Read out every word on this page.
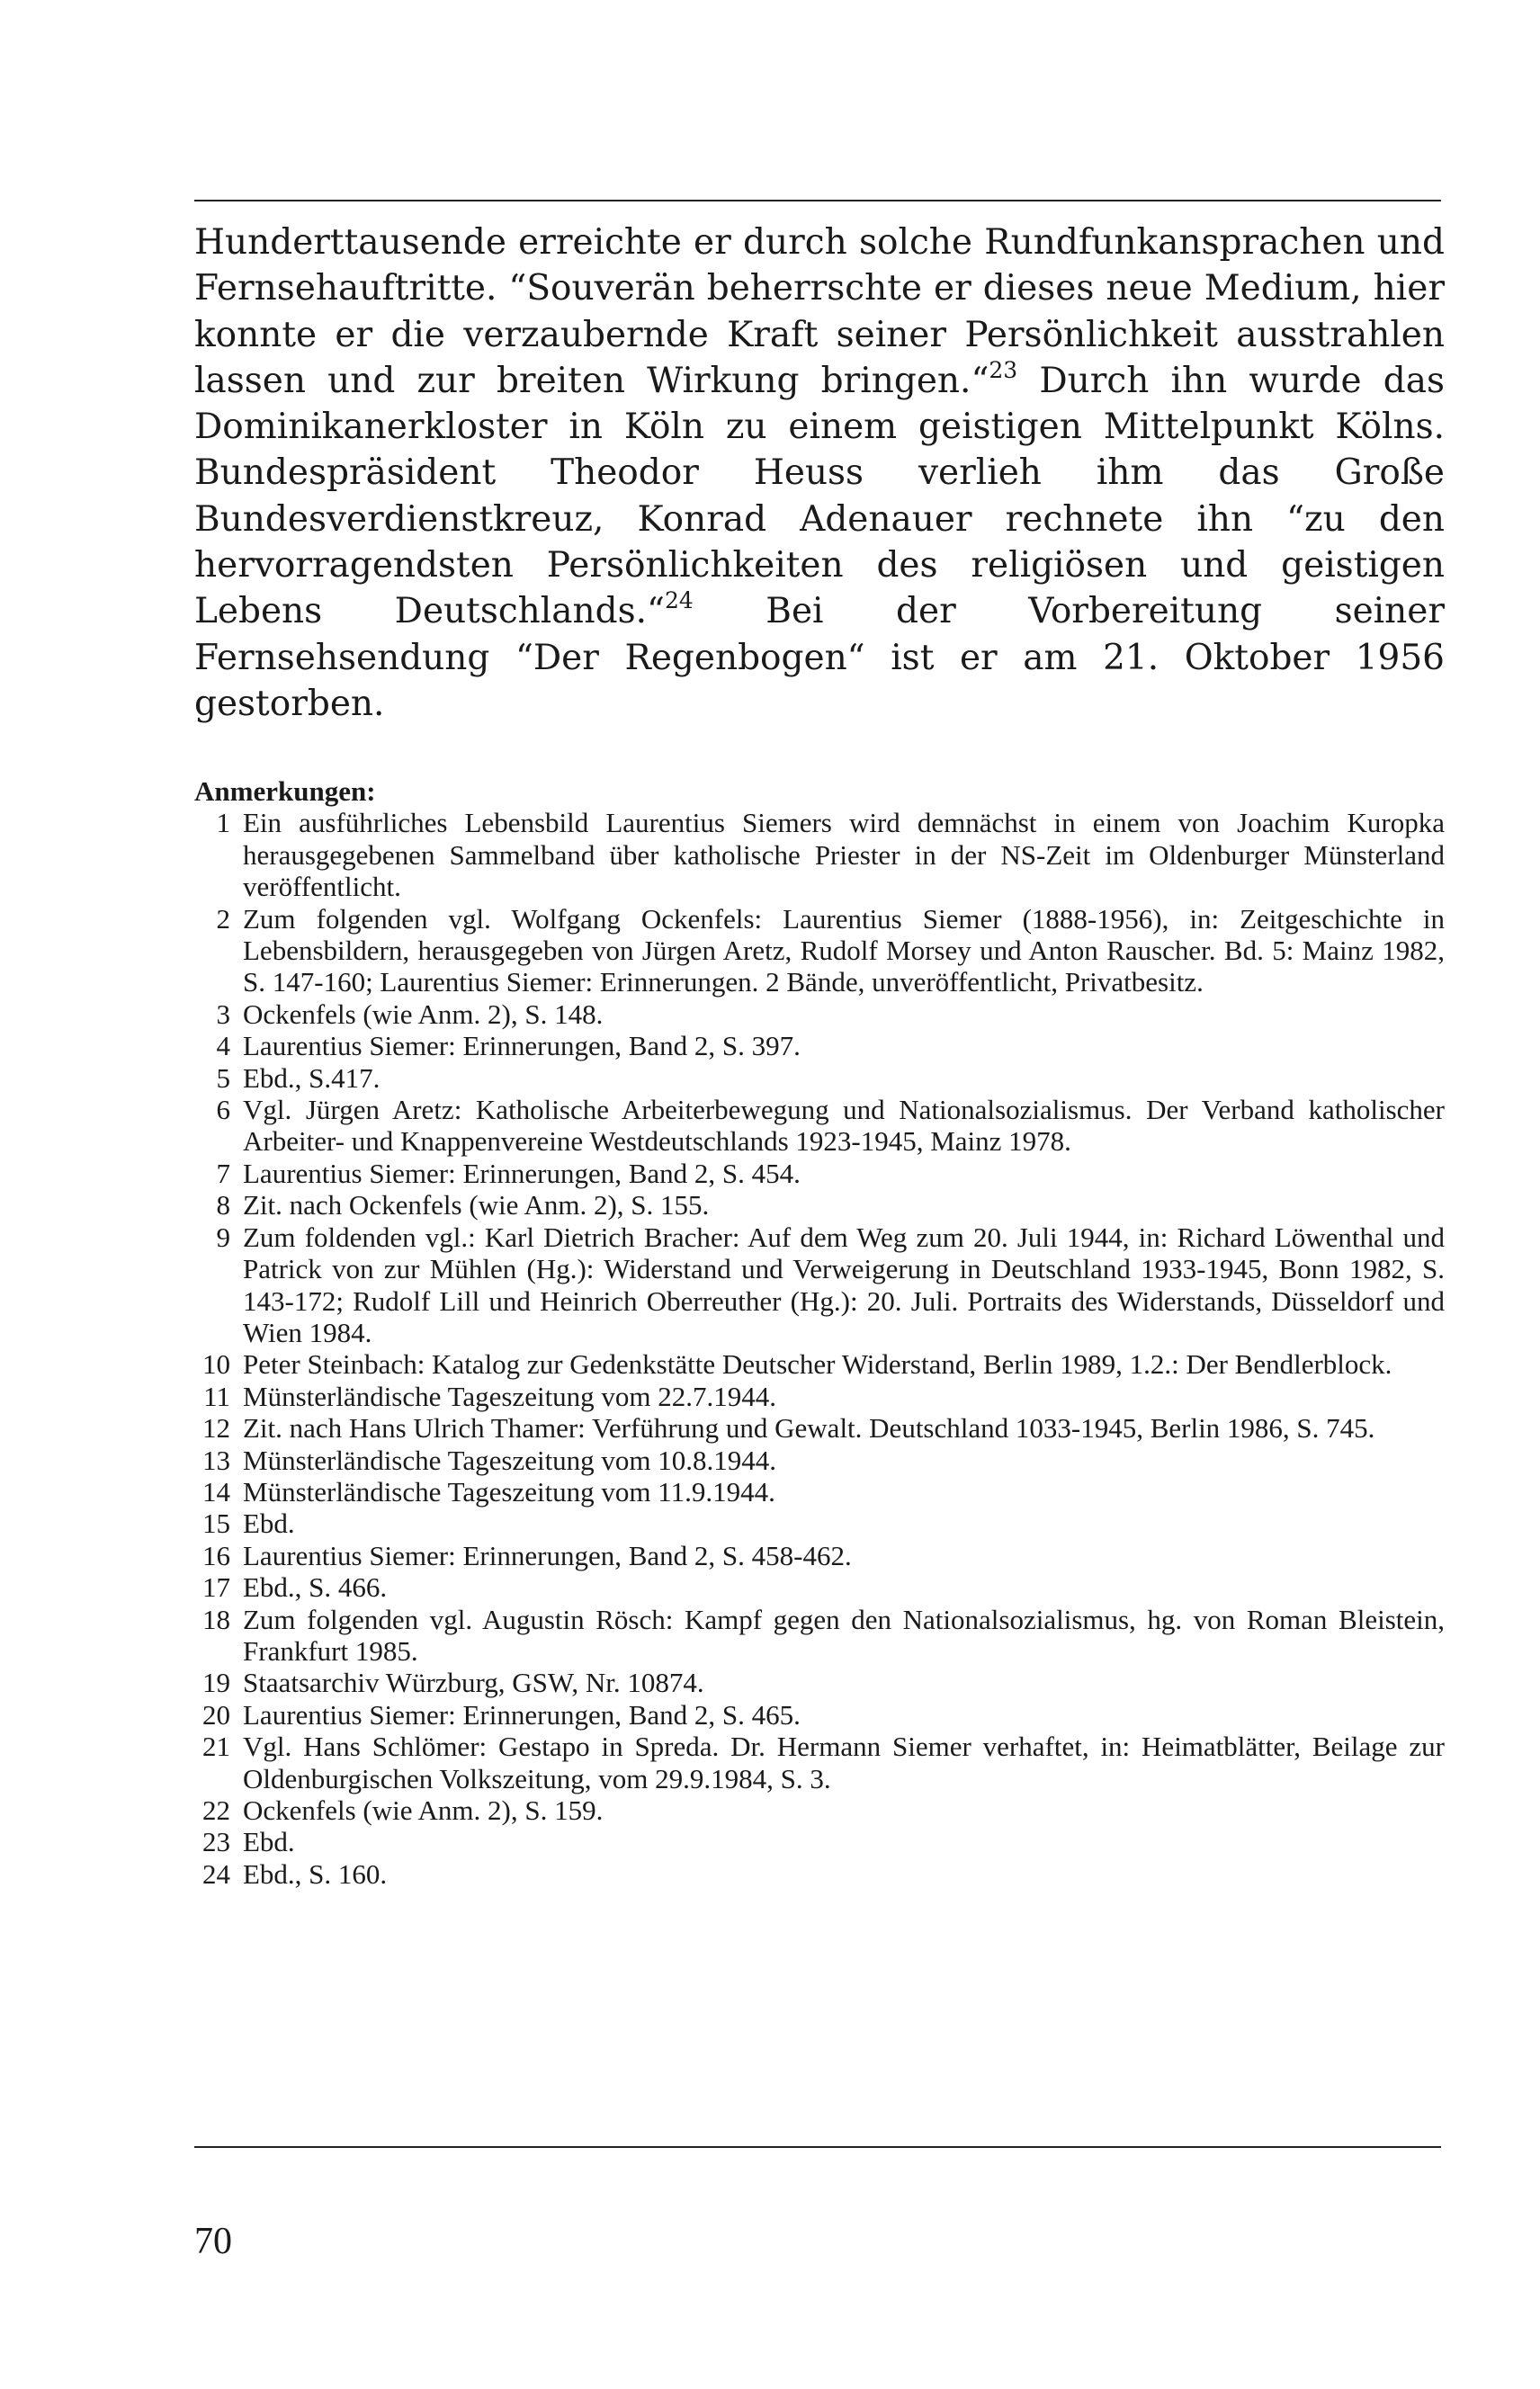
Hunderttausende erreichte er durch solche Rundfunkansprachen und Fernsehauftritte. “Souverän beherrschte er dieses neue Medium, hier konnte er die verzaubernde Kraft seiner Persönlichkeit ausstrahlen lassen und zur breiten Wirkung bringen.“$^{23}$ Durch ihn wurde das Dominikanerkloster in Köln zu einem geistigen Mittelpunkt Kölns. Bundespräsident Theodor Heuss verlieh ihm das Große Bundesverdienstkreuz, Konrad Adenauer rechnete ihn “zu den hervorragendsten Persönlichkeiten des religiösen und geistigen Lebens Deutschlands.“$^{24}$ Bei der Vorbereitung seiner Fernsehsendung “Der Regenbogen“ ist er am 21. Oktober 1956 gestorben.

Anmerkungen:

1 Ein ausführliches Lebensbild Laurentius Siemers wird demnächst in einem von Joachim Kuropka herausgegebenen Sammelband über katholische Priester in der NS-Zeit im Oldenburger Münsterland veröffentlicht.
2 Zum folgenden vgl. Wolfgang Ockenfels: Laurentius Siemer (1888-1956), in: Zeitgeschichte in Lebensbildern, herausgegeben von Jürgen Aretz, Rudolf Morsey und Anton Rauscher. Bd. 5: Mainz 1982, S. 147-160; Laurentius Siemer: Erinnerungen. 2 Bände, unveröffentlicht, Privatbesitz.
3 Ockenfels (wie Anm. 2), S. 148.
4 Laurentius Siemer: Erinnerungen, Band 2, S. 397.
5 Ebd., S.417.
6 Vgl. Jürgen Aretz: Katholische Arbeiterbewegung und Nationalsozialismus. Der Verband katholischer Arbeiter- und Knappenvereine Westdeutschlands 1923-1945, Mainz 1978.
7 Laurentius Siemer: Erinnerungen, Band 2, S. 454.
8 Zit. nach Ockenfels (wie Anm. 2), S. 155.
9 Zum foldenden vgl.: Karl Dietrich Bracher: Auf dem Weg zum 20. Juli 1944, in: Richard Löwenthal und Patrick von zur Mühlen (Hg.): Widerstand und Verweigerung in Deutschland 1933-1945, Bonn 1982, S. 143-172; Rudolf Lill und Heinrich Oberreuther (Hg.): 20. Juli. Portraits des Widerstands, Düsseldorf und Wien 1984.
10 Peter Steinbach: Katalog zur Gedenkstätte Deutscher Widerstand, Berlin 1989, 1.2.: Der Bendlerblock.
11 Münsterländische Tageszeitung vom 22.7.1944.
12 Zit. nach Hans Ulrich Thamer: Verführung und Gewalt. Deutschland 1033-1945, Berlin 1986, S. 745.
13 Münsterländische Tageszeitung vom 10.8.1944.
14 Münsterländische Tageszeitung vom 11.9.1944.
15 Ebd.
16 Laurentius Siemer: Erinnerungen, Band 2, S. 458-462.
17 Ebd., S. 466.
18 Zum folgenden vgl. Augustin Rösch: Kampf gegen den Nationalsozialismus, hg. von Roman Bleistein, Frankfurt 1985.
19 Staatsarchiv Würzburg, GSW, Nr. 10874.
20 Laurentius Siemer: Erinnerungen, Band 2, S. 465.
21 Vgl. Hans Schlömer: Gestapo in Spreda. Dr. Hermann Siemer verhaftet, in: Heimatblätter, Beilage zur Oldenburgischen Volkszeitung, vom 29.9.1984, S. 3.
22 Ockenfels (wie Anm. 2), S. 159.
23 Ebd.
24 Ebd., S. 160.

70
